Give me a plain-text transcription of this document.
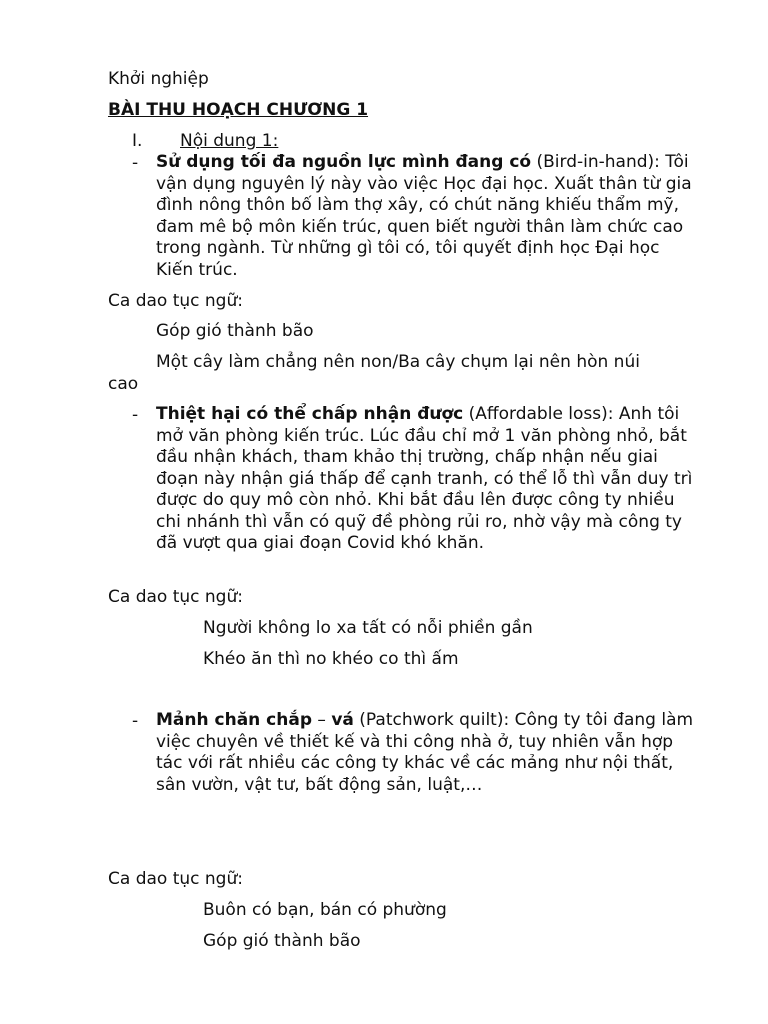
Khởi nghiệp
BÀI THU HOẠCH CHƯƠNG 1
I. Nội dung 1:
- Sử dụng tối đa nguồn lực mình đang có (Bird-in-hand): Tôi vận dụng nguyên lý này vào việc Học đại học. Xuất thân từ gia đình nông thôn bố làm thợ xây, có chút năng khiếu thẩm mỹ, đam mê bộ môn kiến trúc, quen biết người thân làm chức cao trong ngành. Từ những gì tôi có, tôi quyết định học Đại học Kiến trúc.
Ca dao tục ngữ:
Góp gió thành bão
Một cây làm chẳng nên non/Ba cây chụm lại nên hòn núi cao
- Thiệt hại có thể chấp nhận được (Affordable loss): Anh tôi mở văn phòng kiến trúc. Lúc đầu chỉ mở 1 văn phòng nhỏ, bắt đầu nhận khách, tham khảo thị trường, chấp nhận nếu giai đoạn này nhận giá thấp để cạnh tranh, có thể lỗ thì vẫn duy trì được do quy mô còn nhỏ. Khi bắt đầu lên được công ty nhiều chi nhánh thì vẫn có quỹ đề phòng rủi ro, nhờ vậy mà công ty đã vượt qua giai đoạn Covid khó khăn.
Ca dao tục ngữ:
Người không lo xa tất có nỗi phiền gần
Khéo ăn thì no khéo co thì ấm
- Mảnh chăn chắp – vá (Patchwork quilt): Công ty tôi đang làm việc chuyên về thiết kế và thi công nhà ở, tuy nhiên vẫn hợp tác với rất nhiều các công ty khác về các mảng như nội thất, sân vườn, vật tư, bất động sản, luật,…
Ca dao tục ngữ:
Buôn có bạn, bán có phường
Góp gió thành bão
